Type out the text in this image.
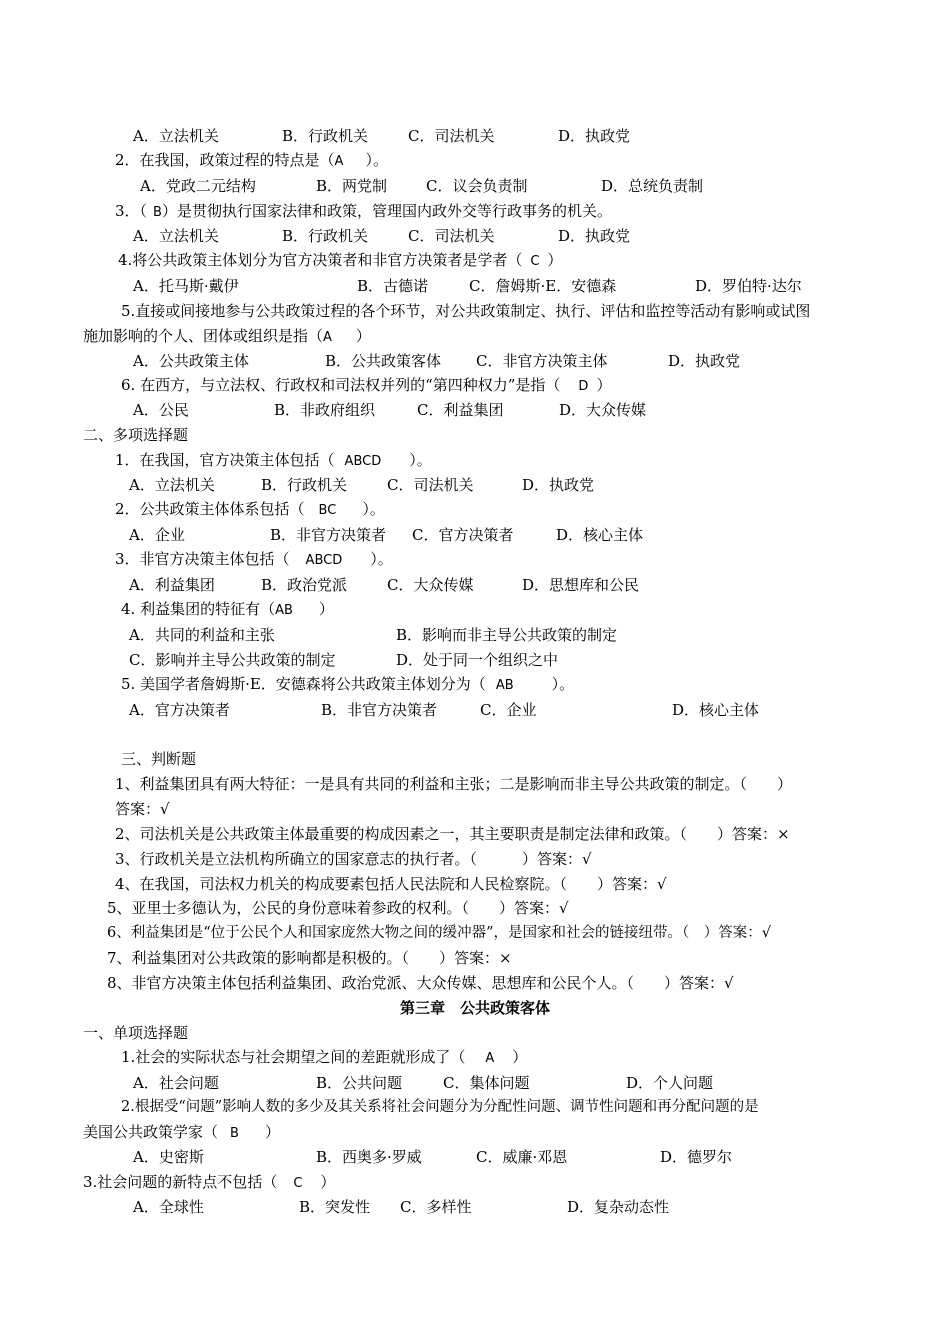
A．立法机关	B．行政机关	C．司法机关	D．执政党
2．在我国，政策过程的特点是（A ）。
A．党政二元结构	B．两党制	C．议会负责制	D．总统负责制
3．（ B）是贯彻执行国家法律和政策，管理国内政外交等行政事务的机关。
A．立法机关	B．行政机关	C．司法机关	D．执政党
4.将公共政策主体划分为官方决策者和非官方决策者是学者（ C ）
A．托马斯·戴伊	B．古德诺	C．詹姆斯·E．安德森	D．罗伯特·达尔
5.直接或间接地参与公共政策过程的各个环节，对公共政策制定、执行、评估和监控等活动有影响或试图
施加影响的个人、团体或组织是指（A ）
A．公共政策主体	B．公共政策客体 C．非官方决策主体	D．执政党
6. 在西方，与立法权、行政权和司法权并列的“第四种权力”是指（ D ）
A．公民	B．非政府组织	C．利益集团	D．大众传媒
二、多项选择题
1．在我国，官方决策主体包括（ ABCD ）。
A．立法机关	B．行政机关	C．司法机关	D．执政党
2．公共政策主体体系包括（ BC ）。
A．企业	B．非官方决策者 C．官方决策者	D．核心主体
3．非官方决策主体包括（ ABCD ）。
A．利益集团	B．政治党派	C．大众传媒	D．思想库和公民
4. 利益集团的特征有（AB ）
A．共同的利益和主张	B．影响而非主导公共政策的制定
C．影响并主导公共政策的制定	D．处于同一个组织之中
5. 美国学者詹姆斯·E．安德森将公共政策主体划分为（ AB	）。
A．官方决策者	B．非官方决策者	C．企业	D．核心主体
三、判断题
1、利益集团具有两大特征：一是具有共同的利益和主张；二是影响而非主导公共政策的制定。（　　）
答案：√
2、司法机关是公共政策主体最重要的构成因素之一，其主要职责是制定法律和政策。（　　）答案：×
3、行政机关是立法机构所确立的国家意志的执行者。（　　　）答案：√
4、在我国，司法权力机关的构成要素包括人民法院和人民检察院。（　　）答案：√
5、亚里士多德认为，公民的身份意味着参政的权利。（　　）答案：√
6、利益集团是“位于公民个人和国家庞然大物之间的缓冲器”，是国家和社会的链接纽带。（　）答案：√
7、利益集团对公共政策的影响都是积极的。（　　）答案：×
8、非官方决策主体包括利益集团、政治党派、大众传媒、思想库和公民个人。（　　）答案：√
第三章　公共政策客体
一、单项选择题
1.社会的实际状态与社会期望之间的差距就形成了（ A ）
A．社会问题	B．公共问题	C．集体问题	D．个人问题
2.根据受“问题”影响人数的多少及其关系将社会问题分为分配性问题、调节性问题和再分配问题的是
美国公共政策学家（ B ）
A．史密斯	B．西奥多·罗威	C．威廉·邓恩	D．德罗尔
3.社会问题的新特点不包括（ C ）
A．全球性	B．突发性 C．多样性	D．复杂动态性
